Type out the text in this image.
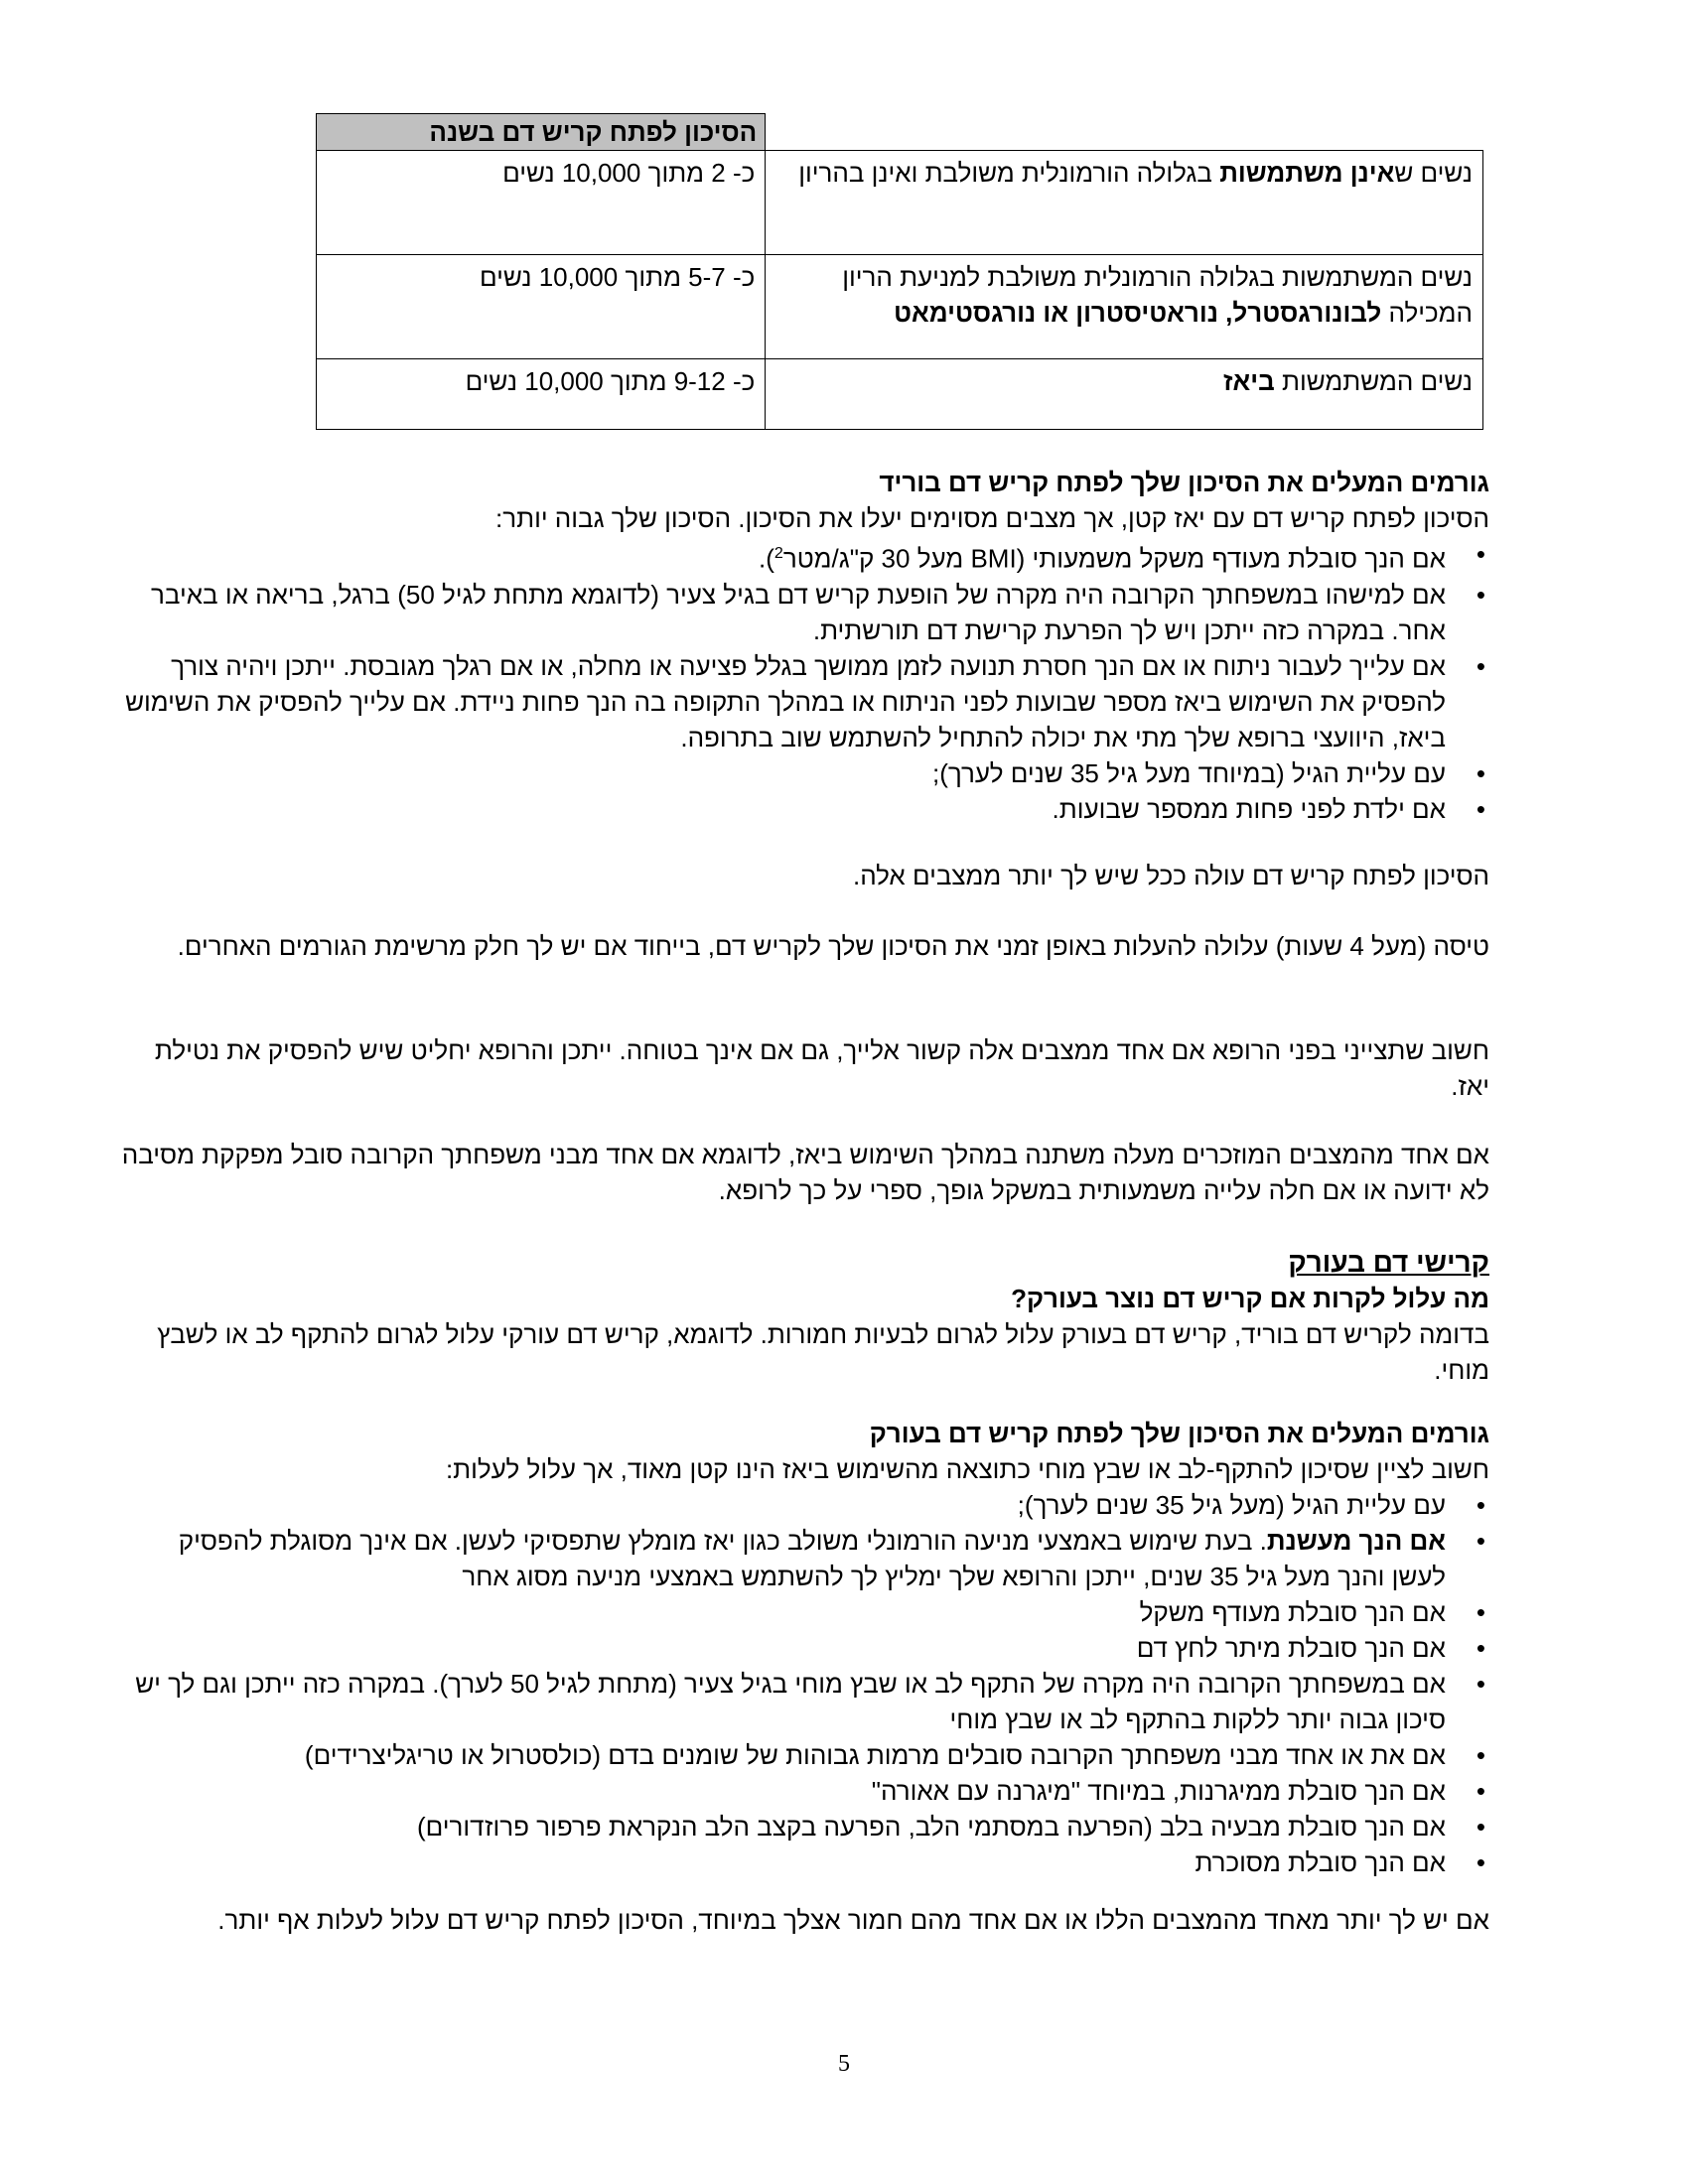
	הסיכון לפתח קריש דם בשנה
נשים שאינן משתמשות בגלולה הורמונלית משולבת ואינן בהריון	כ- 2 מתוך 10,000 נשים
נשים המשתמשות בגלולה הורמונלית משולבת למניעת הריון המכילה לבונורגסטרל, נוראטיסטרון או נורגסטימאט	כ- 5-7 מתוך 10,000 נשים
נשים המשתמשות ביאז	כ- 9-12 מתוך 10,000 נשים
גורמים המעלים את הסיכון שלך לפתח קריש דם בוריד
הסיכון לפתח קריש דם עם יאז קטן, אך מצבים מסוימים יעלו את הסיכון. הסיכון שלך גבוה יותר:
• אם הנך סובלת מעודף משקל משמעותי (BMI מעל 30 ק"ג/מטר$^2$).
• אם למישהו במשפחתך הקרובה היה מקרה של הופעת קריש דם בגיל צעיר (לדוגמא מתחת לגיל 50) ברגל, בריאה או באיבר אחר. במקרה כזה ייתכן ויש לך הפרעת קרישת דם תורשתית.
• אם עלייך לעבור ניתוח או אם הנך חסרת תנועה לזמן ממושך בגלל פציעה או מחלה, או אם רגלך מגובסת. ייתכן ויהיה צורך להפסיק את השימוש ביאז מספר שבועות לפני הניתוח או במהלך התקופה בה הנך פחות ניידת. אם עלייך להפסיק את השימוש ביאז, היוועצי ברופא שלך מתי את יכולה להתחיל להשתמש שוב בתרופה.
• עם עליית הגיל (במיוחד מעל גיל 35 שנים לערך);
• אם ילדת לפני פחות ממספר שבועות.
הסיכון לפתח קריש דם עולה ככל שיש לך יותר ממצבים אלה.
טיסה (מעל 4 שעות) עלולה להעלות באופן זמני את הסיכון שלך לקריש דם, בייחוד אם יש לך חלק מרשימת הגורמים האחרים.
חשוב שתצייני בפני הרופא אם אחד ממצבים אלה קשור אלייך, גם אם אינך בטוחה. ייתכן והרופא יחליט שיש להפסיק את נטילת יאז.
אם אחד מהמצבים המוזכרים מעלה משתנה במהלך השימוש ביאז, לדוגמא אם אחד מבני משפחתך הקרובה סובל מפקקת מסיבה לא ידועה או אם חלה עלייה משמעותית במשקל גופך, ספרי על כך לרופא.
קרישי דם בעורק
מה עלול לקרות אם קריש דם נוצר בעורק?
בדומה לקריש דם בוריד, קריש דם בעורק עלול לגרום לבעיות חמורות. לדוגמא, קריש דם עורקי עלול לגרום להתקף לב או לשבץ מוחי.
גורמים המעלים את הסיכון שלך לפתח קריש דם בעורק
חשוב לציין שסיכון להתקף-לב או שבץ מוחי כתוצאה מהשימוש ביאז הינו קטן מאוד, אך עלול לעלות:
• עם עליית הגיל (מעל גיל 35 שנים לערך);
• אם הנך מעשנת. בעת שימוש באמצעי מניעה הורמונלי משולב כגון יאז מומלץ שתפסיקי לעשן. אם אינך מסוגלת להפסיק לעשן והנך מעל גיל 35 שנים, ייתכן והרופא שלך ימליץ לך להשתמש באמצעי מניעה מסוג אחר
• אם הנך סובלת מעודף משקל
• אם הנך סובלת מיתר לחץ דם
• אם במשפחתך הקרובה היה מקרה של התקף לב או שבץ מוחי בגיל צעיר (מתחת לגיל 50 לערך). במקרה כזה ייתכן וגם לך יש סיכון גבוה יותר ללקות בהתקף לב או שבץ מוחי
• אם את או אחד מבני משפחתך הקרובה סובלים מרמות גבוהות של שומנים בדם (כולסטרול או טריגליצרידים)
• אם הנך סובלת ממיגרנות, במיוחד "מיגרנה עם אאורה"
• אם הנך סובלת מבעיה בלב (הפרעה במסתמי הלב, הפרעה בקצב הלב הנקראת פרפור פרוזדורים)
• אם הנך סובלת מסוכרת
אם יש לך יותר מאחד מהמצבים הללו או אם אחד מהם חמור אצלך במיוחד, הסיכון לפתח קריש דם עלול לעלות אף יותר.
5
